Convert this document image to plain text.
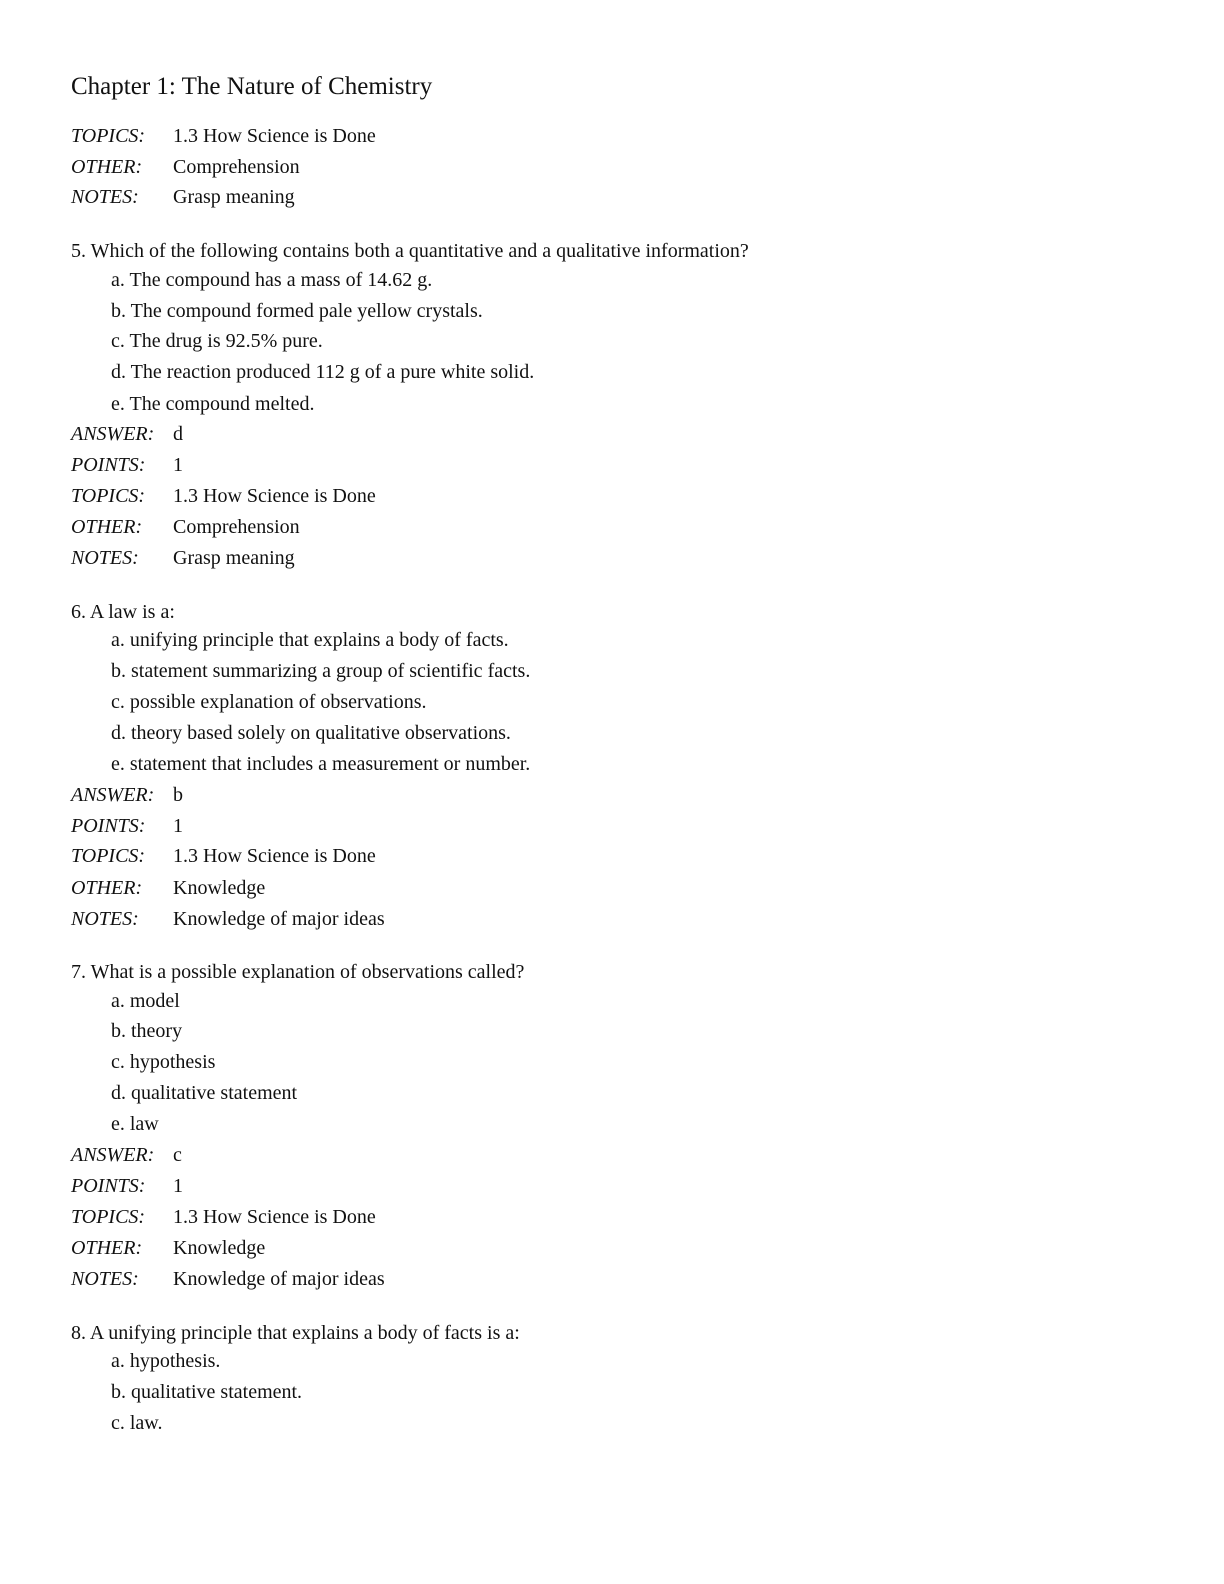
Chapter 1: The Nature of Chemistry
TOPICS: 1.3 How Science is Done
OTHER: Comprehension
NOTES: Grasp meaning
5. Which of the following contains both a quantitative and a qualitative information?
a. The compound has a mass of 14.62 g.
b. The compound formed pale yellow crystals.
c. The drug is 92.5% pure.
d. The reaction produced 112 g of a pure white solid.
e. The compound melted.
ANSWER: d
POINTS: 1
TOPICS: 1.3 How Science is Done
OTHER: Comprehension
NOTES: Grasp meaning
6. A law is a:
a. unifying principle that explains a body of facts.
b. statement summarizing a group of scientific facts.
c. possible explanation of observations.
d. theory based solely on qualitative observations.
e. statement that includes a measurement or number.
ANSWER: b
POINTS: 1
TOPICS: 1.3 How Science is Done
OTHER: Knowledge
NOTES: Knowledge of major ideas
7. What is a possible explanation of observations called?
a. model
b. theory
c. hypothesis
d. qualitative statement
e. law
ANSWER: c
POINTS: 1
TOPICS: 1.3 How Science is Done
OTHER: Knowledge
NOTES: Knowledge of major ideas
8. A unifying principle that explains a body of facts is a:
a. hypothesis.
b. qualitative statement.
c. law.
